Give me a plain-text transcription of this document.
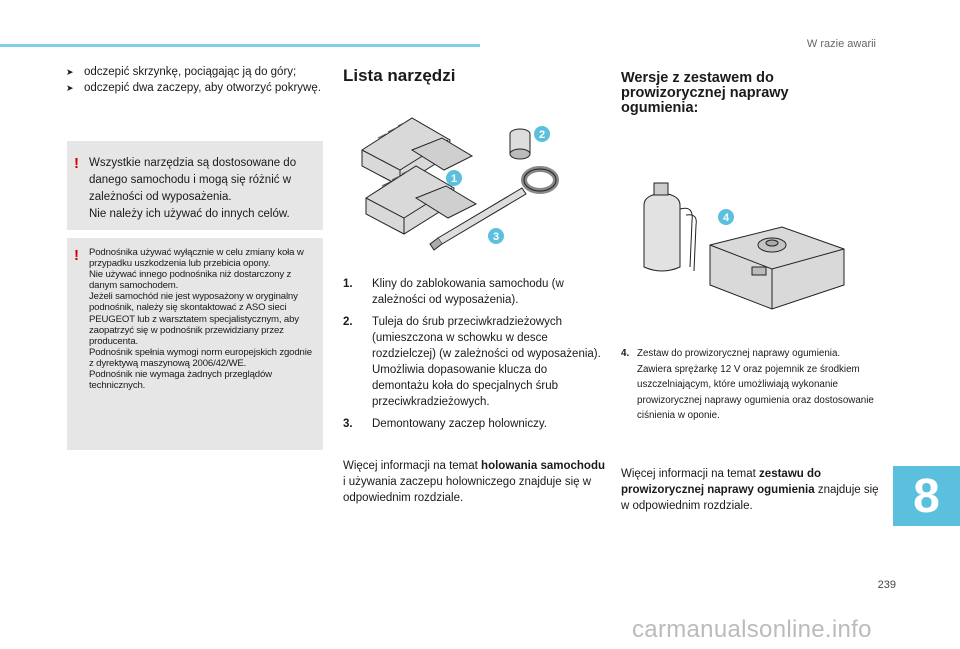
W razie awarii
➤ odczepić skrzynkę, pociągając ją do góry;
➤ odczepić dwa zaczepy, aby otworzyć pokrywę.
! Wszystkie narzędzia są dostosowane do danego samochodu i mogą się różnić w zależności od wyposażenia.

Nie należy ich używać do innych celów.

! Podnośnika używać wyłącznie w celu zmiany koła w przypadku uszkodzenia lub przebicia opony.

Nie używać innego podnośnika niż dostarczony z danym samochodem.

Jeżeli samochód nie jest wyposażony w oryginalny podnośnik, należy się skontaktować z ASO sieci PEUGEOT lub z warsztatem specjalistycznym, aby zaopatrzyć się w podnośnik przewidziany przez producenta.

Podnośnik spełnia wymogi norm europejskich zgodnie z dyrektywą maszynową 2006/42/WE.

Podnośnik nie wymaga żadnych przeglądów technicznych.

Lista narzędzi
2
1
3
1. Kliny do zablokowania samochodu (w zależności od wyposażenia).
2. Tuleja do śrub przeciwkradzieżowych (umieszczona w schowku w desce rozdzielczej) (w zależności od wyposażenia).
Umożliwia dopasowanie klucza do demontażu koła do specjalnych śrub przeciwkradzieżowych.
3. Demontowany zaczep holowniczy.
Więcej informacji na temat holowania samochodu i używania zaczepu holowniczego znajduje się w odpowiednim rozdziale.
Wersje z zestawem do prowizorycznej naprawy ogumienia:
4
4. Zestaw do prowizorycznej naprawy ogumienia.
Zawiera sprężarkę 12 V oraz pojemnik ze środkiem uszczelniającym, które umożliwiają wykonanie prowizorycznej naprawy ogumienia oraz dostosowanie ciśnienia w oponie.
Więcej informacji na temat zestawu do prowizorycznej naprawy ogumienia znajduje się w odpowiednim rozdziale.	8
239
carmanualsonline.info
